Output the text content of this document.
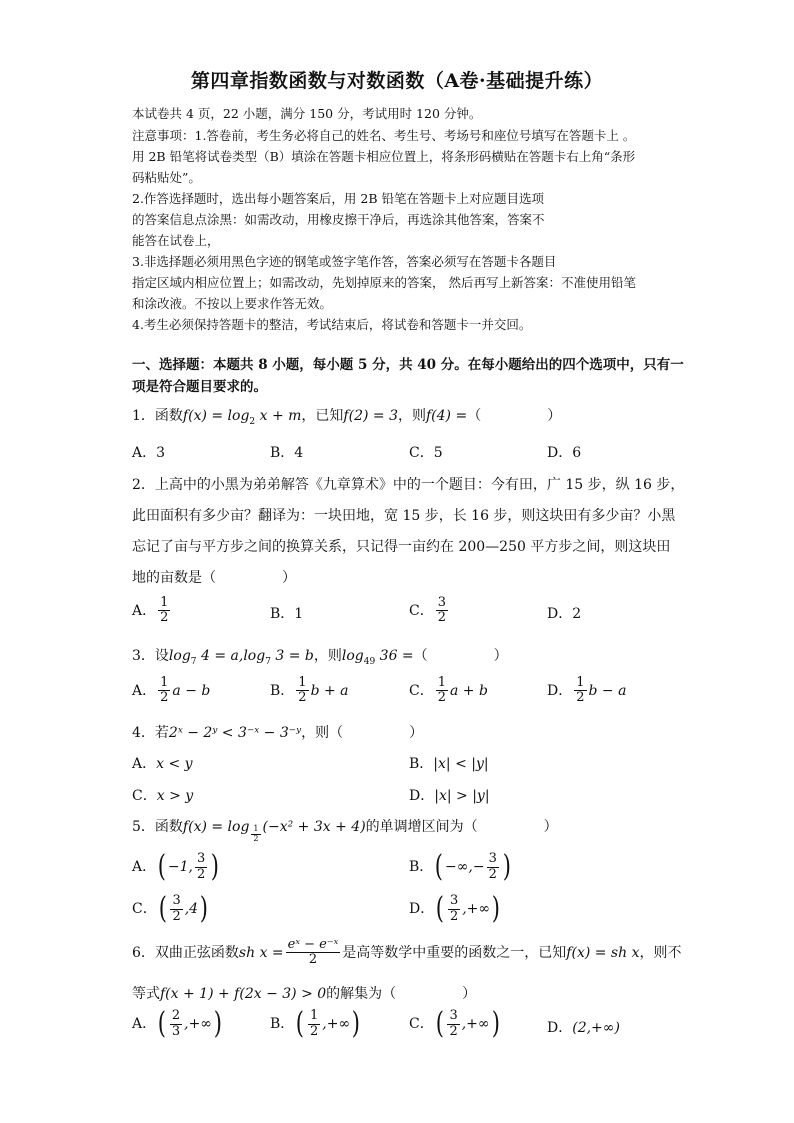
第四章指数函数与对数函数（A卷·基础提升练）
本试卷共 4 页，22 小题，满分 150 分，考试用时 120 分钟。
注意事项：1.答卷前，考生务必将自己的姓名、考生号、考场号和座位号填写在答题卡上 。
用 2B 铅笔将试卷类型（B）填涂在答题卡相应位置上，将条形码横贴在答题卡右上角“条形
码粘贴处”。
2.作答选择题时，选出每小题答案后，用 2B 铅笔在答题卡上对应题目选项
的答案信息点涂黑：如需改动，用橡皮擦干净后，再选涂其他答案，答案不
能答在试卷上，
3.非选择题必须用黑色字迹的钢笔或签字笔作答，答案必须写在答题卡各题目
指定区域内相应位置上；如需改动，先划掉原来的答案， 然后再写上新答案：不准使用铅笔
和涂改液。不按以上要求作答无效。
4.考生必须保持答题卡的整洁，考试结束后，将试卷和答题卡一并交回。
一、选择题：本题共 8 小题，每小题 5 分，共 40 分。在每小题给出的四个选项中，只有一
项是符合题目要求的。
1．函数$f(x) = \log_2 x + m$，已知f(2) = 3，则f(4) =（	）
A．3	B．4	C．5	D．6
2．上高中的小黑为弟弟解答《九章算术》中的一个题目：今有田，广 15 步，纵 16 步，
此田面积有多少亩？翻译为：一块田地，宽 15 步，长 16 步，则这块田有多少亩？小黑
忘记了亩与平方步之间的换算关系，只记得一亩约在 200—250 平方步之间，则这块田
地的亩数是（	）
A． $\frac{1}{2}$	B．1	C． $\frac{3}{2}$	D．2
3．设$\log_7 4 = a,\log_7$ 3 = b，则$\log_{49} 36$ =（	）
A． $\frac{1}{2}$ a − b	B． $\frac{1}{2}$ b + a	C． $\frac{1}{2}$ a + b	D． $\frac{1}{2}$ b − a
4．若2ˣ − 2ʸ < 3⁻ˣ − 3⁻ʸ，则（	）
A．x < y	B．|x| < |y|
C．x > y	D．|x| > |y|
5．函数$f(x) = \log \frac{1}{2} (-x^2 + 3x + 4)$的单调增区间为（	）
A．( −1, $\frac{3}{2}$ )	B．( −∞,− $\frac{3}{2}$ )
C．( $\frac{3}{2} ,4$)	D．( $\frac{3}{2}$ ,+∞)
6．双曲正弦函数sh $x = \frac{\text{eˣ − e⁻ˣ}}{2}$ 是高等数学中重要的函数之一，已知f(x) = sh x，则不
等式f(x + 1) + f(2x − 3) > 0的解集为（	）
A．( $\frac{2}{3}$ ,+∞)	B．( $\frac{1}{2}$ ,+∞)	C．( $\frac{3}{2}$ ,+∞)	D．(2,+∞)
